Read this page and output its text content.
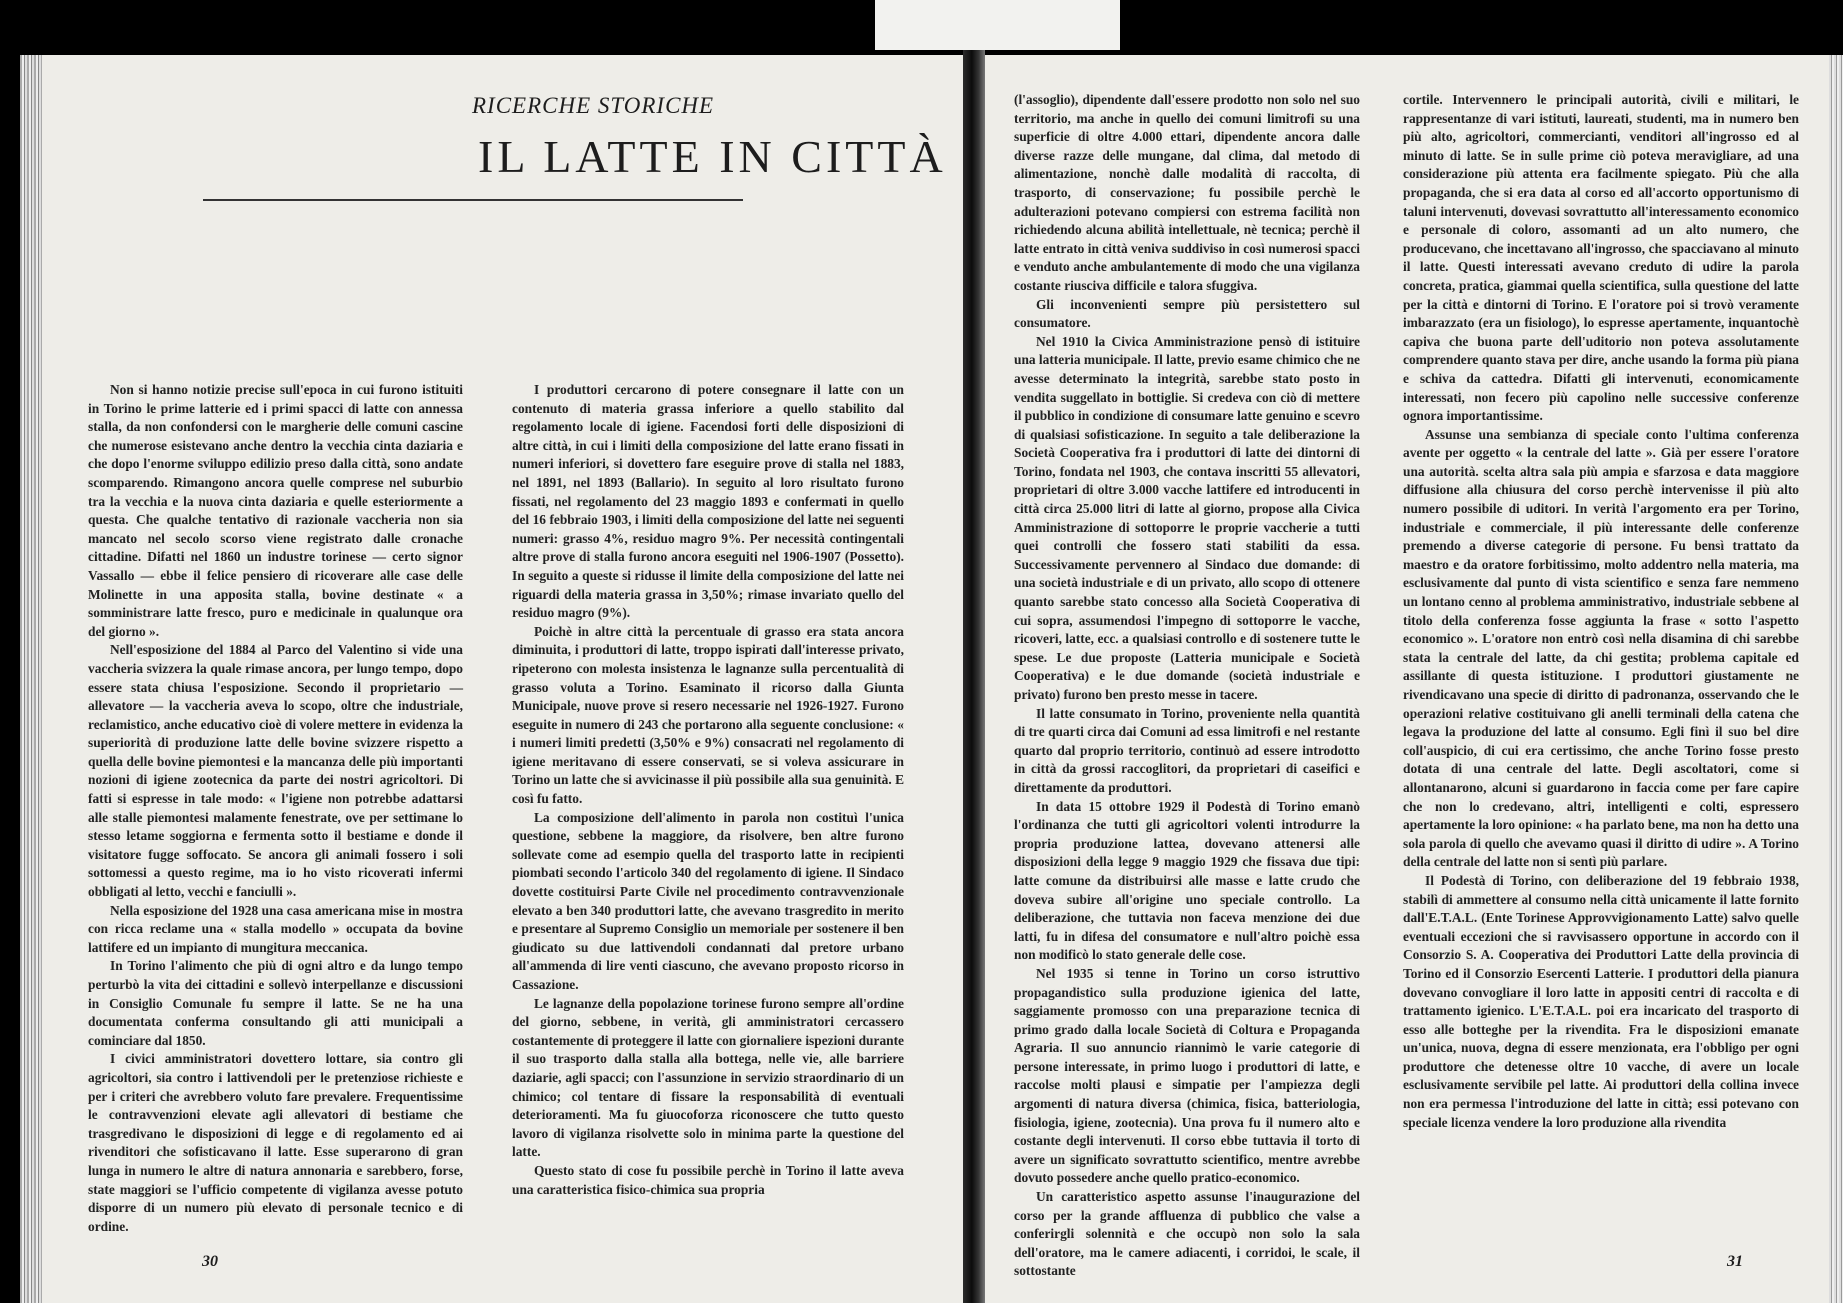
RICERCHE STORICHE
IL LATTE IN CITTÀ

Non si hanno notizie precise sull'epoca in cui furono istituiti in Torino le prime latterie ed i primi spacci di latte con annessa stalla, da non confondersi con le margherie delle comuni cascine che numerose esistevano anche dentro la vecchia cinta daziaria e che dopo l'enorme sviluppo edilizio preso dalla città, sono andate scomparendo. Rimangono ancora quelle comprese nel suburbio tra la vecchia e la nuova cinta daziaria e quelle esteriormente a questa. Che qualche tentativo di razionale vaccheria non sia mancato nel secolo scorso viene registrato dalle cronache cittadine. Difatti nel 1860 un industre torinese — certo signor Vassallo — ebbe il felice pensiero di ricoverare alle case delle Molinette in una apposita stalla, bovine destinate « a somministrare latte fresco, puro e medicinale in qualunque ora del giorno ».

Nell'esposizione del 1884 al Parco del Valentino si vide una vaccheria svizzera la quale rimase ancora, per lungo tempo, dopo essere stata chiusa l'esposizione. Secondo il proprietario — allevatore — la vaccheria aveva lo scopo, oltre che industriale, reclamistico, anche educativo cioè di volere mettere in evidenza la superiorità di produzione latte delle bovine svizzere rispetto a quella delle bovine piemontesi e la mancanza delle più importanti nozioni di igiene zootecnica da parte dei nostri agricoltori. Di fatti si espresse in tale modo: « l'igiene non potrebbe adattarsi alle stalle piemontesi malamente fenestrate, ove per settimane lo stesso letame soggiorna e fermenta sotto il bestiame e donde il visitatore fugge soffocato. Se ancora gli animali fossero i soli sottomessi a questo regime, ma io ho visto ricoverati infermi obbligati al letto, vecchi e fanciulli ».

Nella esposizione del 1928 una casa americana mise in mostra con ricca reclame una « stalla modello » occupata da bovine lattifere ed un impianto di mungitura meccanica.

In Torino l'alimento che più di ogni altro e da lungo tempo perturbò la vita dei cittadini e sollevò interpellanze e discussioni in Consiglio Comunale fu sempre il latte. Se ne ha una documentata conferma consultando gli atti municipali a cominciare dal 1850.

I civici amministratori dovettero lottare, sia contro gli agricoltori, sia contro i lattivendoli per le pretenziose richieste e per i criteri che avrebbero voluto fare prevalere. Frequentissime le contravvenzioni elevate agli allevatori di bestiame che trasgredivano le disposizioni di legge e di regolamento ed ai rivenditori che sofisticavano il latte. Esse superarono di gran lunga in numero le altre di natura annonaria e sarebbero, forse, state maggiori se l'ufficio competente di vigilanza avesse potuto disporre di un numero più elevato di personale tecnico e di ordine.

I produttori cercarono di potere consegnare il latte con un contenuto di materia grassa inferiore a quello stabilito dal regolamento locale di igiene. Facendosi forti delle disposizioni di altre città, in cui i limiti della composizione del latte erano fissati in numeri inferiori, si dovettero fare eseguire prove di stalla nel 1883, nel 1891, nel 1893 (Ballario). In seguito al loro risultato furono fissati, nel regolamento del 23 maggio 1893 e confermati in quello del 16 febbraio 1903, i limiti della composizione del latte nei seguenti numeri: grasso 4%, residuo magro 9%. Per necessità contingentali altre prove di stalla furono ancora eseguiti nel 1906-1907 (Possetto). In seguito a queste si ridusse il limite della composizione del latte nei riguardi della materia grassa in 3,50%; rimase invariato quello del residuo magro (9%).

Poichè in altre città la percentuale di grasso era stata ancora diminuita, i produttori di latte, troppo ispirati dall'interesse privato, ripeterono con molesta insistenza le lagnanze sulla percentualità di grasso voluta a Torino. Esaminato il ricorso dalla Giunta Municipale, nuove prove si resero necessarie nel 1926-1927. Furono eseguite in numero di 243 che portarono alla seguente conclusione: « i numeri limiti predetti (3,50% e 9%) consacrati nel regolamento di igiene meritavano di essere conservati, se si voleva assicurare in Torino un latte che si avvicinasse il più possibile alla sua genuinità. E così fu fatto.

La composizione dell'alimento in parola non costituì l'unica questione, sebbene la maggiore, da risolvere, ben altre furono sollevate come ad esempio quella del trasporto latte in recipienti piombati secondo l'articolo 340 del regolamento di igiene. Il Sindaco dovette costituirsi Parte Civile nel procedimento contravvenzionale elevato a ben 340 produttori latte, che avevano trasgredito in merito e presentare al Supremo Consiglio un memoriale per sostenere il ben giudicato su due lattivendoli condannati dal pretore urbano all'ammenda di lire venti ciascuno, che avevano proposto ricorso in Cassazione.

Le lagnanze della popolazione torinese furono sempre all'ordine del giorno, sebbene, in verità, gli amministratori cercassero costantemente di proteggere il latte con giornaliere ispezioni durante il suo trasporto dalla stalla alla bottega, nelle vie, alle barriere daziarie, agli spacci; con l'assunzione in servizio straordinario di un chimico; col tentare di fissare la responsabilità di eventuali deterioramenti. Ma fu giuocoforza riconoscere che tutto questo lavoro di vigilanza risolvette solo in minima parte la questione del latte.

Questo stato di cose fu possibile perchè in Torino il latte aveva una caratteristica fisico-chimica sua propria

30

(l'assoglio), dipendente dall'essere prodotto non solo nel suo territorio, ma anche in quello dei comuni limitrofi su una superficie di oltre 4.000 ettari, dipendente ancora dalle diverse razze delle mungane, dal clima, dal metodo di alimentazione, nonchè dalle modalità di raccolta, di trasporto, di conservazione; fu possibile perchè le adulterazioni potevano compiersi con estrema facilità non richiedendo alcuna abilità intellettuale, nè tecnica; perchè il latte entrato in città veniva suddiviso in così numerosi spacci e venduto anche ambulantemente di modo che una vigilanza costante riusciva difficile e talora sfuggiva.

Gli inconvenienti sempre più persistettero sul consumatore.

Nel 1910 la Civica Amministrazione pensò di istituire una latteria municipale. Il latte, previo esame chimico che ne avesse determinato la integrità, sarebbe stato posto in vendita suggellato in bottiglie. Si credeva con ciò di mettere il pubblico in condizione di consumare latte genuino e scevro di qualsiasi sofisticazione. In seguito a tale deliberazione la Società Cooperativa fra i produttori di latte dei dintorni di Torino, fondata nel 1903, che contava inscritti 55 allevatori, proprietari di oltre 3.000 vacche lattifere ed introducenti in città circa 25.000 litri di latte al giorno, propose alla Civica Amministrazione di sottoporre le proprie vaccherie a tutti quei controlli che fossero stati stabiliti da essa. Successivamente pervennero al Sindaco due domande: di una società industriale e di un privato, allo scopo di ottenere quanto sarebbe stato concesso alla Società Cooperativa di cui sopra, assumendosi l'impegno di sottoporre le vacche, ricoveri, latte, ecc. a qualsiasi controllo e di sostenere tutte le spese. Le due proposte (Latteria municipale e Società Cooperativa) e le due domande (società industriale e privato) furono ben presto messe in tacere.

Il latte consumato in Torino, proveniente nella quantità di tre quarti circa dai Comuni ad essa limitrofi e nel restante quarto dal proprio territorio, continuò ad essere introdotto in città da grossi raccoglitori, da proprietari di caseifici e direttamente da produttori.

In data 15 ottobre 1929 il Podestà di Torino emanò l'ordinanza che tutti gli agricoltori volenti introdurre la propria produzione lattea, dovevano attenersi alle disposizioni della legge 9 maggio 1929 che fissava due tipi: latte comune da distribuirsi alle masse e latte crudo che doveva subire all'origine uno speciale controllo. La deliberazione, che tuttavia non faceva menzione dei due latti, fu in difesa del consumatore e null'altro poichè essa non modificò lo stato generale delle cose.

Nel 1935 si tenne in Torino un corso istruttivo propagandistico sulla produzione igienica del latte, saggiamente promosso con una preparazione tecnica di primo grado dalla locale Società di Coltura e Propaganda Agraria. Il suo annuncio riannimò le varie categorie di persone interessate, in primo luogo i produttori di latte, e raccolse molti plausi e simpatie per l'ampiezza degli argomenti di natura diversa (chimica, fisica, batteriologia, fisiologia, igiene, zootecnia). Una prova fu il numero alto e costante degli intervenuti. Il corso ebbe tuttavia il torto di avere un significato sovrattutto scientifico, mentre avrebbe dovuto possedere anche quello pratico-economico.

Un caratteristico aspetto assunse l'inaugurazione del corso per la grande affluenza di pubblico che valse a conferirgli solennità e che occupò non solo la sala dell'oratore, ma le camere adiacenti, i corridoi, le scale, il sottostante

cortile. Intervennero le principali autorità, civili e militari, le rappresentanze di vari istituti, laureati, studenti, ma in numero ben più alto, agricoltori, commercianti, venditori all'ingrosso ed al minuto di latte. Se in sulle prime ciò poteva meravigliare, ad una considerazione più attenta era facilmente spiegato. Più che alla propaganda, che si era data al corso ed all'accorto opportunismo di taluni intervenuti, dovevasi sovrattutto all'interessamento economico e personale di coloro, assomanti ad un alto numero, che producevano, che incettavano all'ingrosso, che spacciavano al minuto il latte. Questi interessati avevano creduto di udire la parola concreta, pratica, giammai quella scientifica, sulla questione del latte per la città e dintorni di Torino. E l'oratore poi si trovò veramente imbarazzato (era un fisiologo), lo espresse apertamente, inquantochè capiva che buona parte dell'uditorio non poteva assolutamente comprendere quanto stava per dire, anche usando la forma più piana e schiva da cattedra. Difatti gli intervenuti, economicamente interessati, non fecero più capolino nelle successive conferenze ognora importantissime.

Assunse una sembianza di speciale conto l'ultima conferenza avente per oggetto « la centrale del latte ». Già per essere l'oratore una autorità. scelta altra sala più ampia e sfarzosa e data maggiore diffusione alla chiusura del corso perchè intervenisse il più alto numero possibile di uditori. In verità l'argomento era per Torino, industriale e commerciale, il più interessante delle conferenze premendo a diverse categorie di persone. Fu bensì trattato da maestro e da oratore forbitissimo, molto addentro nella materia, ma esclusivamente dal punto di vista scientifico e senza fare nemmeno un lontano cenno al problema amministrativo, industriale sebbene al titolo della conferenza fosse aggiunta la frase « sotto l'aspetto economico ». L'oratore non entrò così nella disamina di chi sarebbe stata la centrale del latte, da chi gestita; problema capitale ed assillante di questa istituzione. I produttori giustamente ne rivendicavano una specie di diritto di padronanza, osservando che le operazioni relative costituivano gli anelli terminali della catena che legava la produzione del latte al consumo. Egli finì il suo bel dire coll'auspicio, di cui era certissimo, che anche Torino fosse presto dotata di una centrale del latte. Degli ascoltatori, come si allontanarono, alcuni si guardarono in faccia come per fare capire che non lo credevano, altri, intelligenti e colti, espressero apertamente la loro opinione: « ha parlato bene, ma non ha detto una sola parola di quello che avevamo quasi il diritto di udire ». A Torino della centrale del latte non si sentì più parlare.

Il Podestà di Torino, con deliberazione del 19 febbraio 1938, stabilì di ammettere al consumo nella città unicamente il latte fornito dall'E.T.A.L. (Ente Torinese Approvvigionamento Latte) salvo quelle eventuali eccezioni che si ravvisassero opportune in accordo con il Consorzio S. A. Cooperativa dei Produttori Latte della provincia di Torino ed il Consorzio Esercenti Latterie. I produttori della pianura dovevano convogliare il loro latte in appositi centri di raccolta e di trattamento igienico. L'E.T.A.L. poi era incaricato del trasporto di esso alle botteghe per la rivendita. Fra le disposizioni emanate un'unica, nuova, degna di essere menzionata, era l'obbligo per ogni produttore che detenesse oltre 10 vacche, di avere un locale esclusivamente servibile pel latte. Ai produttori della collina invece non era permessa l'introduzione del latte in città; essi potevano con speciale licenza vendere la loro produzione alla rivendita

31
